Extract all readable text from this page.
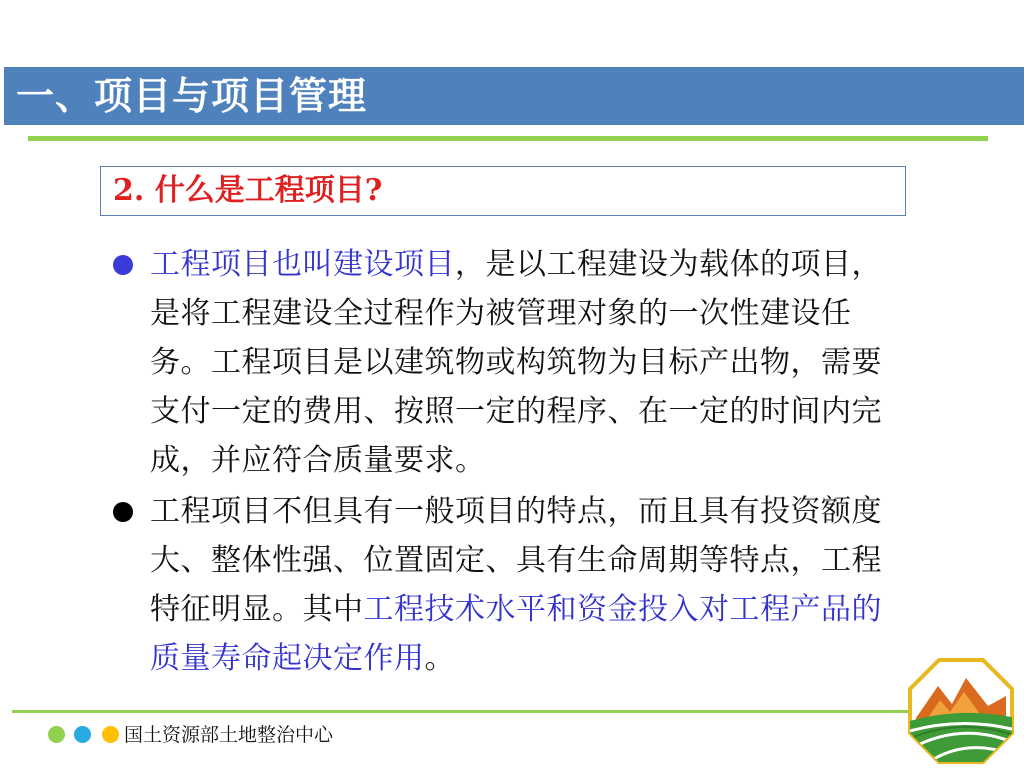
一、项目与项目管理
2. 什么是工程项目?
工程项目也叫建设项目，是以工程建设为载体的项目，是将工程建设全过程作为被管理对象的一次性建设任务。工程项目是以建筑物或构筑物为目标产出物，需要支付一定的费用、按照一定的程序、在一定的时间内完成，并应符合质量要求。
工程项目不但具有一般项目的特点，而且具有投资额度大、整体性强、位置固定、具有生命周期等特点，工程特征明显。其中工程技术水平和资金投入对工程产品的质量寿命起决定作用。
国土资源部土地整治中心
